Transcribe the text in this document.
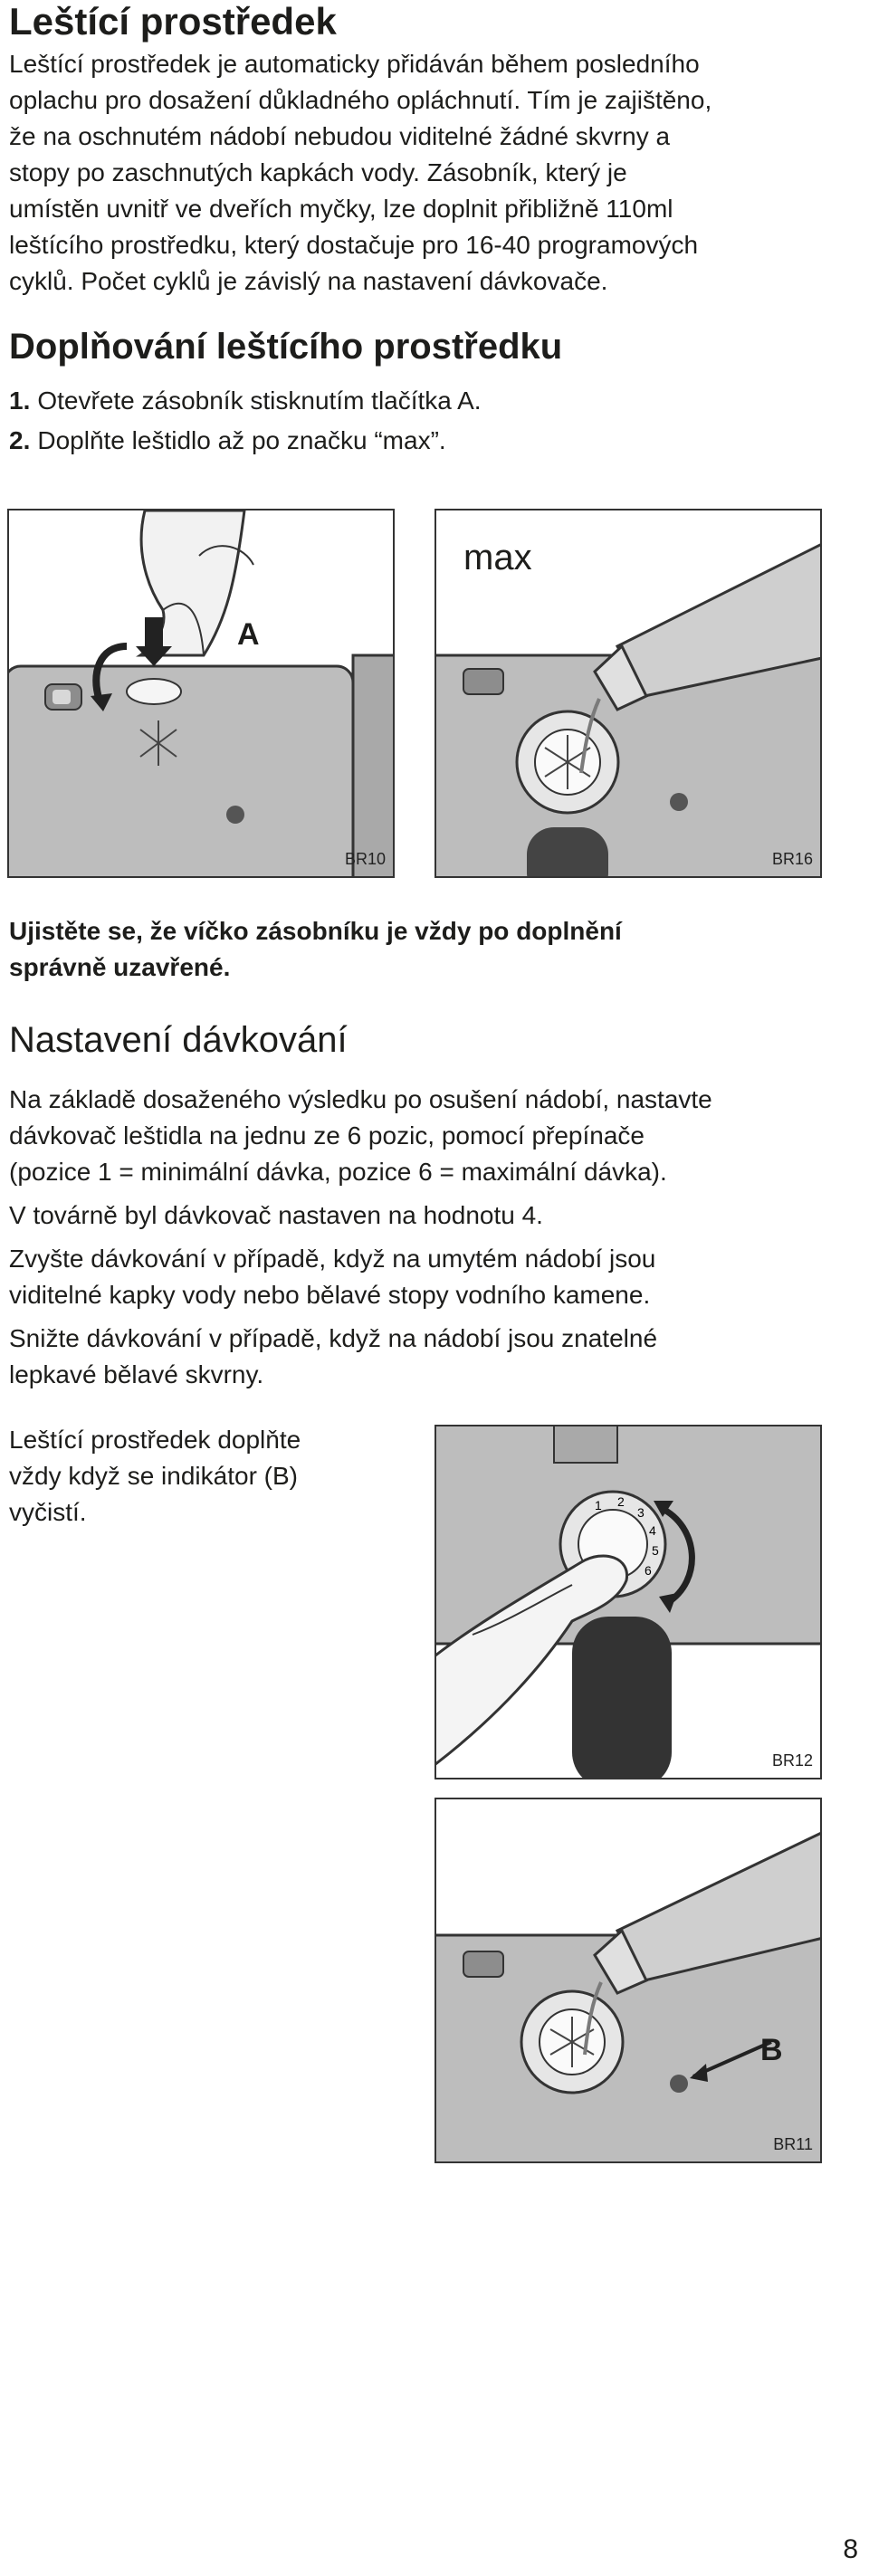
Leštící prostředek

Leštící prostředek je automaticky přidáván během posledního

oplachu pro dosažení důkladného opláchnutí. Tím je zajištěno,

že na oschnutém nádobí nebudou viditelné žádné skvrny a

stopy po zaschnutých kapkách vody. Zásobník, který je

umístěn uvnitř ve dveřích myčky, lze doplnit přibližně 110ml

leštícího prostředku, který dostačuje pro 16-40 programových

cyklů. Počet cyklů je závislý na nastavení dávkovače.

Doplňování leštícího prostředku

1. Otevřete zásobník stisknutím tlačítka A.

2. Doplňte leštidlo až po značku “max”.

A
BR10
max
BR16

Ujistěte se, že víčko zásobníku je vždy po doplnění

správně uzavřené.

Nastavení dávkování

Na základě dosaženého výsledku po osušení nádobí, nastavte

dávkovač leštidla na jednu ze 6 pozic, pomocí přepínače

(pozice 1 = minimální dávka, pozice 6 = maximální dávka).

V továrně byl dávkovač nastaven na hodnotu 4.

Zvyšte dávkování v případě, když na umytém nádobí jsou

viditelné kapky vody nebo bělavé stopy vodního kamene.

Snižte dávkování v případě, když na nádobí jsou znatelné

lepkavé bělavé skvrny.

Leštící prostředek doplňte

vždy když se indikátor (B)

vyčistí.	1 2
3
4
5
6
BR12
B
BR11
8
